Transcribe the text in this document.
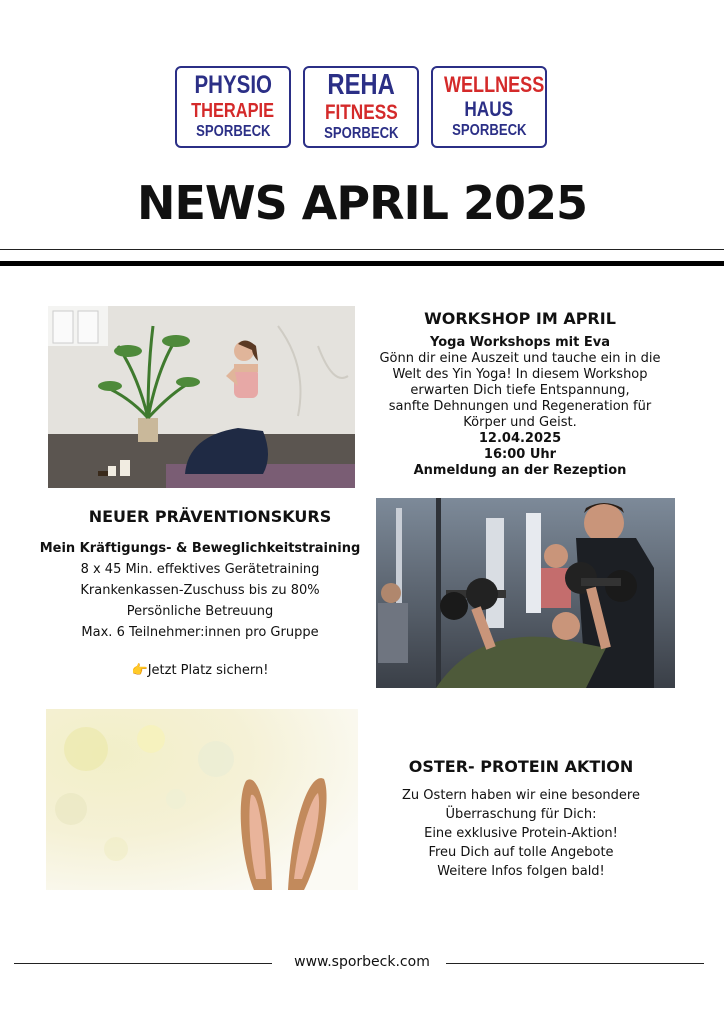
PHYSIO
THERAPIE
SPORBECK
REHA
FITNESS
SPORBECK
WELLNESS
HAUS
SPORBECK
NEWS APRIL 2025
WORKSHOP IM APRIL
Yoga Workshops mit Eva
Gönn dir eine Auszeit und tauche ein in die
Welt des Yin Yoga! In diesem Workshop
erwarten Dich tiefe Entspannung,
sanfte Dehnungen und Regeneration für
Körper und Geist.
12.04.2025
16:00 Uhr
Anmeldung an der Rezeption
NEUER PRÄVENTIONSKURS
Mein Kräftigungs- & Beweglichkeitstraining
8 x 45 Min. effektives Gerätetraining
Krankenkassen-Zuschuss bis zu 80%
Persönliche Betreuung
Max. 6 Teilnehmer:innen pro Gruppe
👉Jetzt Platz sichern!
OSTER- PROTEIN AKTION
Zu Ostern haben wir eine besondere
Überraschung für Dich:
Eine exklusive Protein-Aktion!
Freu Dich auf tolle Angebote
Weitere Infos folgen bald!
www.sporbeck.com
